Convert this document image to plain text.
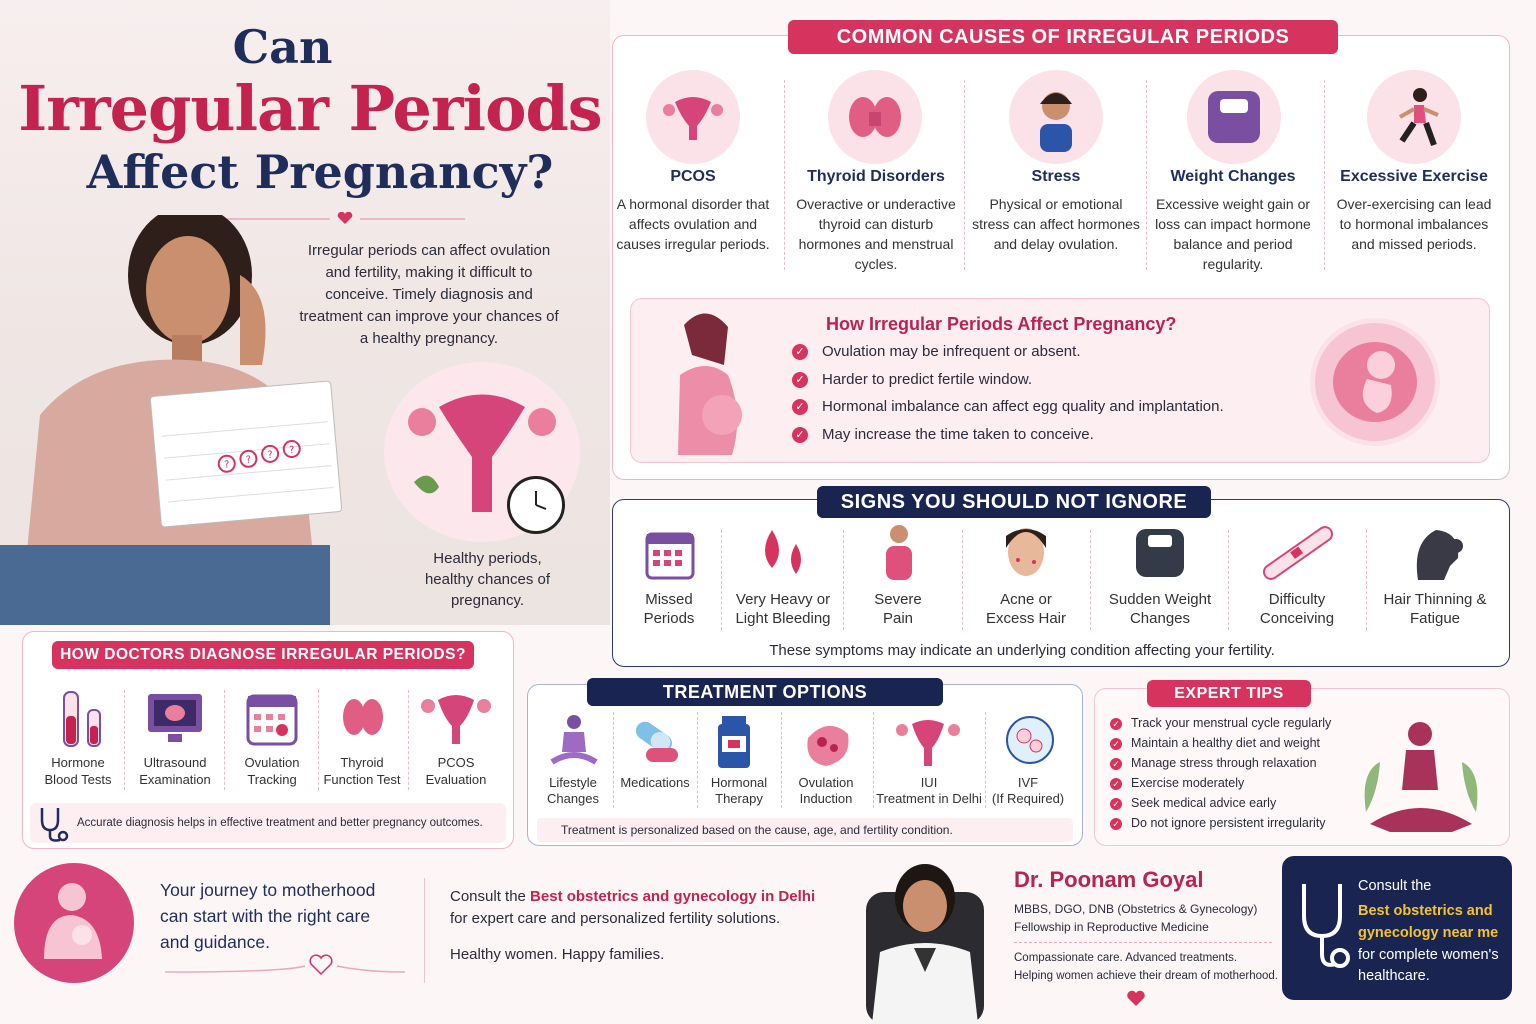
Can
Irregular Periods
Affect Pregnancy?
Irregular periods can affect ovulation and fertility, making it difficult to conceive. Timely diagnosis and treatment can improve your chances of a healthy pregnancy.
? ? ? ?
Healthy periods, healthy chances of pregnancy.
COMMON CAUSES OF IRREGULAR PERIODS
PCOS	Thyroid Disorders	Stress	Weight Changes	Excessive Exercise
A hormonal disorder that affects ovulation and causes irregular periods.
Overactive or underactive thyroid can disturb hormones and menstrual cycles.
Physical or emotional stress can affect hormones and delay ovulation.
Excessive weight gain or loss can impact hormone balance and period regularity.
Over-exercising can lead to hormonal imbalances and missed periods.
How Irregular Periods Affect Pregnancy?
✓ Ovulation may be infrequent or absent.
✓ Harder to predict fertile window.
✓ Hormonal imbalance can affect egg quality and implantation.
✓ May increase the time taken to conceive.
SIGNS YOU SHOULD NOT IGNORE
Missed
Periods
Very Heavy or
Light Bleeding
Severe
Pain
Acne or
Excess Hair
Sudden Weight
Changes
Difficulty
Conceiving
Hair Thinning &
Fatigue
These symptoms may indicate an underlying condition affecting your fertility.
HOW DOCTORS DIAGNOSE IRREGULAR PERIODS?
Hormone
Blood Tests
Ultrasound
Examination
Ovulation
Tracking
Thyroid
Function Test
PCOS
Evaluation
Accurate diagnosis helps in effective treatment and better pregnancy outcomes.
TREATMENT OPTIONS
Lifestyle
Changes
Medications	Hormonal
Therapy
Ovulation
Induction
IUI
Treatment in Delhi
IVF
(If Required)
Treatment is personalized based on the cause, age, and fertility condition.
EXPERT TIPS
✓ Track your menstrual cycle regularly
✓ Maintain a healthy diet and weight
✓ Manage stress through relaxation
✓ Exercise moderately
✓ Seek medical advice early
✓ Do not ignore persistent irregularity
Your journey to motherhood can start with the right care and guidance.
Consult the Best obstetrics and gynecology in Delhi
for expert care and personalized fertility solutions.
Healthy women. Happy families.
Dr. Poonam Goyal
MBBS, DGO, DNB (Obstetrics & Gynecology)
Fellowship in Reproductive Medicine
Compassionate care. Advanced treatments.
Helping women achieve their dream of motherhood.
Consult the
Best obstetrics and gynecology near me
for complete women's healthcare.
